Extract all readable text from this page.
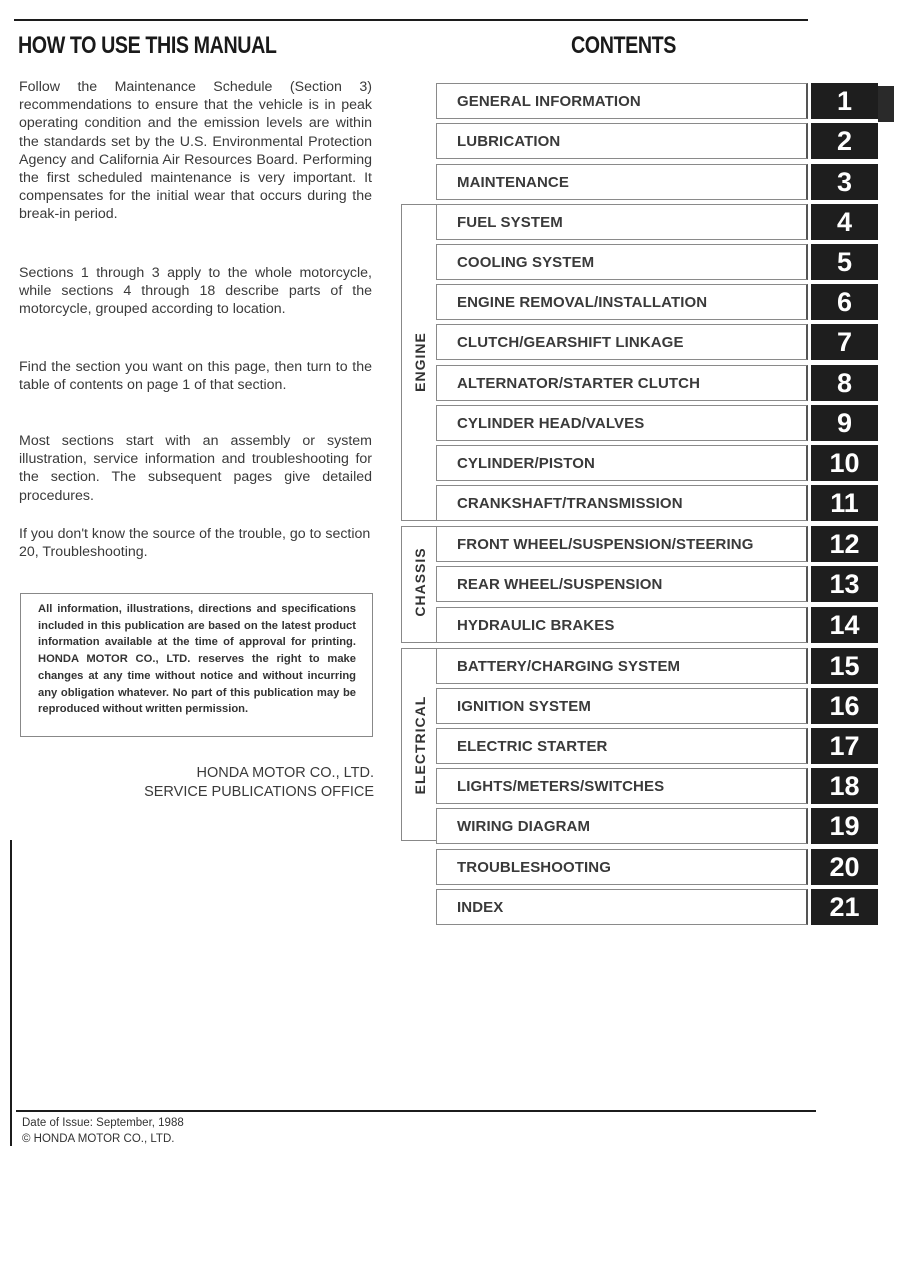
HOW TO USE THIS MANUAL
Follow the Maintenance Schedule (Section 3) recommendations to ensure that the vehicle is in peak operating condition and the emission levels are within the standards set by the U.S. Environmental Protection Agency and California Air Resources Board. Performing the first scheduled maintenance is very important. It compensates for the initial wear that occurs during the break-in period.
Sections 1 through 3 apply to the whole motorcycle, while sections 4 through 18 describe parts of the motorcycle, grouped according to location.
Find the section you want on this page, then turn to the table of contents on page 1 of that section.
Most sections start with an assembly or system illustration, service information and troubleshooting for the section. The subsequent pages give detailed procedures.
If you don't know the source of the trouble, go to section 20, Troubleshooting.
All information, illustrations, directions and specifications included in this publication are based on the latest product information available at the time of approval for printing. HONDA MOTOR CO., LTD. reserves the right to make changes at any time without notice and without incurring any obligation whatever. No part of this publication may be reproduced without written permission.
HONDA MOTOR CO., LTD.
SERVICE PUBLICATIONS OFFICE
CONTENTS
ENGINE
CHASSIS
ELECTRICAL
GENERAL INFORMATION	1
LUBRICATION	2
MAINTENANCE	3
FUEL SYSTEM	4
COOLING SYSTEM	5
ENGINE REMOVAL/INSTALLATION	6
CLUTCH/GEARSHIFT LINKAGE	7
ALTERNATOR/STARTER CLUTCH	8
CYLINDER HEAD/VALVES	9
CYLINDER/PISTON	10
CRANKSHAFT/TRANSMISSION	11
FRONT WHEEL/SUSPENSION/STEERING	12
REAR WHEEL/SUSPENSION	13
HYDRAULIC BRAKES	14
BATTERY/CHARGING SYSTEM	15
IGNITION SYSTEM	16
ELECTRIC STARTER	17
LIGHTS/METERS/SWITCHES	18
WIRING DIAGRAM	19
TROUBLESHOOTING	20
INDEX	21
Date of Issue: September, 1988
© HONDA MOTOR CO., LTD.
